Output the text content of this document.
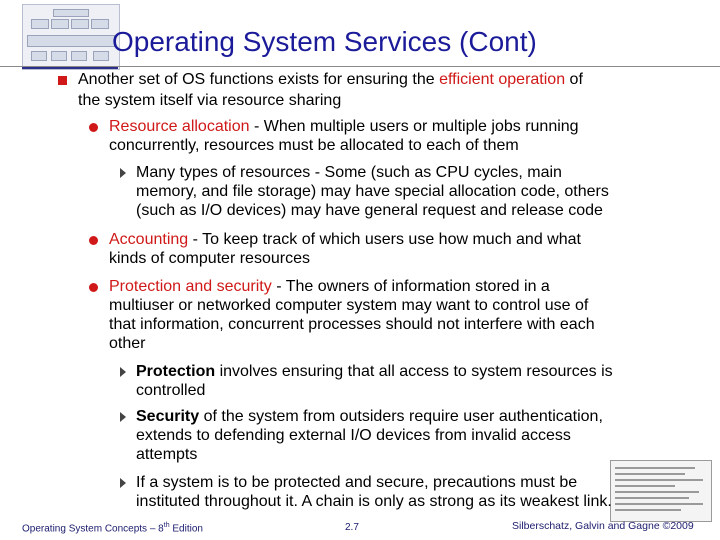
Operating System Services (Cont)
Another set of OS functions exists for ensuring the efficient operation of
the system itself via resource sharing
Resource allocation - When multiple users or multiple jobs running
concurrently, resources must be allocated to each of them
Many types of resources - Some (such as CPU cycles, main
memory, and file storage) may have special allocation code, others
(such as I/O devices) may have general request and release code
Accounting - To keep track of which users use how much and what
kinds of computer resources
Protection and security - The owners of information stored in a
multiuser or networked computer system may want to control use of
that information, concurrent processes should not interfere with each
other
Protection involves ensuring that all access to system resources is
controlled
Security of the system from outsiders require user authentication,
extends to defending external I/O devices from invalid access
attempts
If a system is to be protected and secure, precautions must be
instituted throughout it. A chain is only as strong as its weakest link.
Operating System Concepts – 8th Edition	2.7	Silberschatz, Galvin and Gagne ©2009
